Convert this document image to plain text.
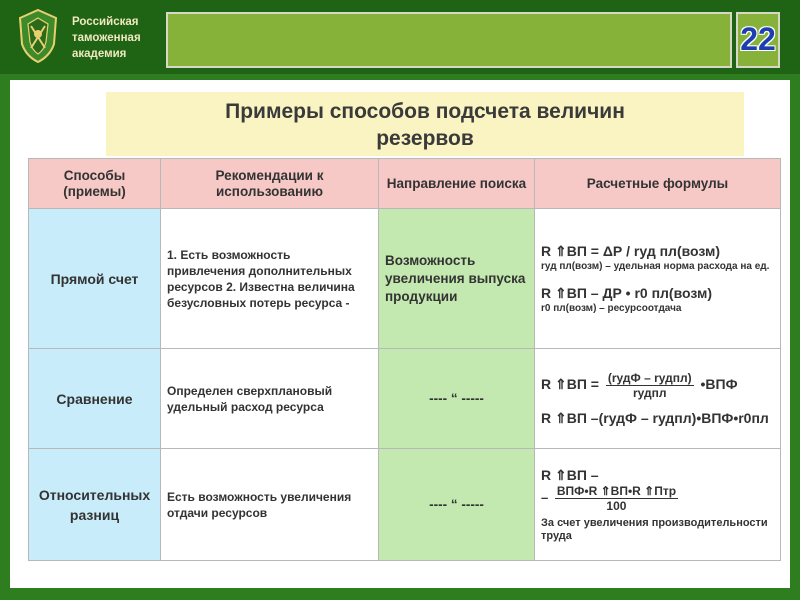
Российская
таможенная
академия	22
Примеры способов подсчета величин
резервов
Способы (приемы)	Рекомендации к использованию	Направление поиска	Расчетные формулы
Прямой счет	1. Есть возможность привлечения дополнительных ресурсов 2. Известна величина безусловных потерь ресурса -	Возможность увеличения выпуска продукции	R ⇑ВП = ΔР / rуд пл(возм)
rуд пл(возм) – удельная норма расхода на ед.
R ⇑ВП – ДР • r0 пл(возм)
r0 пл(возм) – ресурсоотдача

Сравнение	Определен сверхплановый удельный расход ресурса	---- “ -----	R ⇑ВП = $\frac{\text{(rудФ – rудпл)}}{\text{rудпл}}$ •ВПФ
R ⇑ВП –(rудФ – rудпл)•ВПФ•r0пл

Относительных разниц	Есть возможность увеличения отдачи ресурсов	---- “ -----	R ⇑ВП –
– $\frac{\text{ВПФ•R ⇑ВП•R ⇑Птр}}{100}$
За счет увеличения производительности труда
